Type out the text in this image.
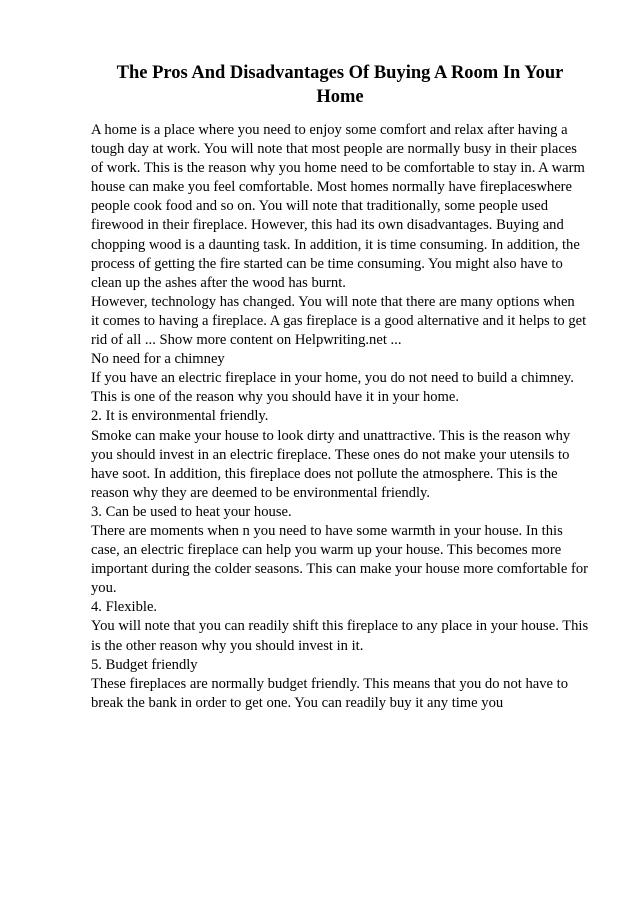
The Pros And Disadvantages Of Buying A Room In Your
Home
A home is a place where you need to enjoy some comfort and relax after having a
tough day at work. You will note that most people are normally busy in their places
of work. This is the reason why you home need to be comfortable to stay in. A warm
house can make you feel comfortable. Most homes normally have fireplaceswhere
people cook food and so on. You will note that traditionally, some people used
firewood in their fireplace. However, this had its own disadvantages. Buying and
chopping wood is a daunting task. In addition, it is time consuming. In addition, the
process of getting the fire started can be time consuming. You might also have to
clean up the ashes after the wood has burnt.
However, technology has changed. You will note that there are many options when
it comes to having a fireplace. A gas fireplace is a good alternative and it helps to get
rid of all ... Show more content on Helpwriting.net ...
No need for a chimney
If you have an electric fireplace in your home, you do not need to build a chimney.
This is one of the reason why you should have it in your home.
2. It is environmental friendly.
Smoke can make your house to look dirty and unattractive. This is the reason why
you should invest in an electric fireplace. These ones do not make your utensils to
have soot. In addition, this fireplace does not pollute the atmosphere. This is the
reason why they are deemed to be environmental friendly.
3. Can be used to heat your house.
There are moments when n you need to have some warmth in your house. In this
case, an electric fireplace can help you warm up your house. This becomes more
important during the colder seasons. This can make your house more comfortable for
you.
4. Flexible.
You will note that you can readily shift this fireplace to any place in your house. This
is the other reason why you should invest in it.
5. Budget friendly
These fireplaces are normally budget friendly. This means that you do not have to
break the bank in order to get one. You can readily buy it any time you
